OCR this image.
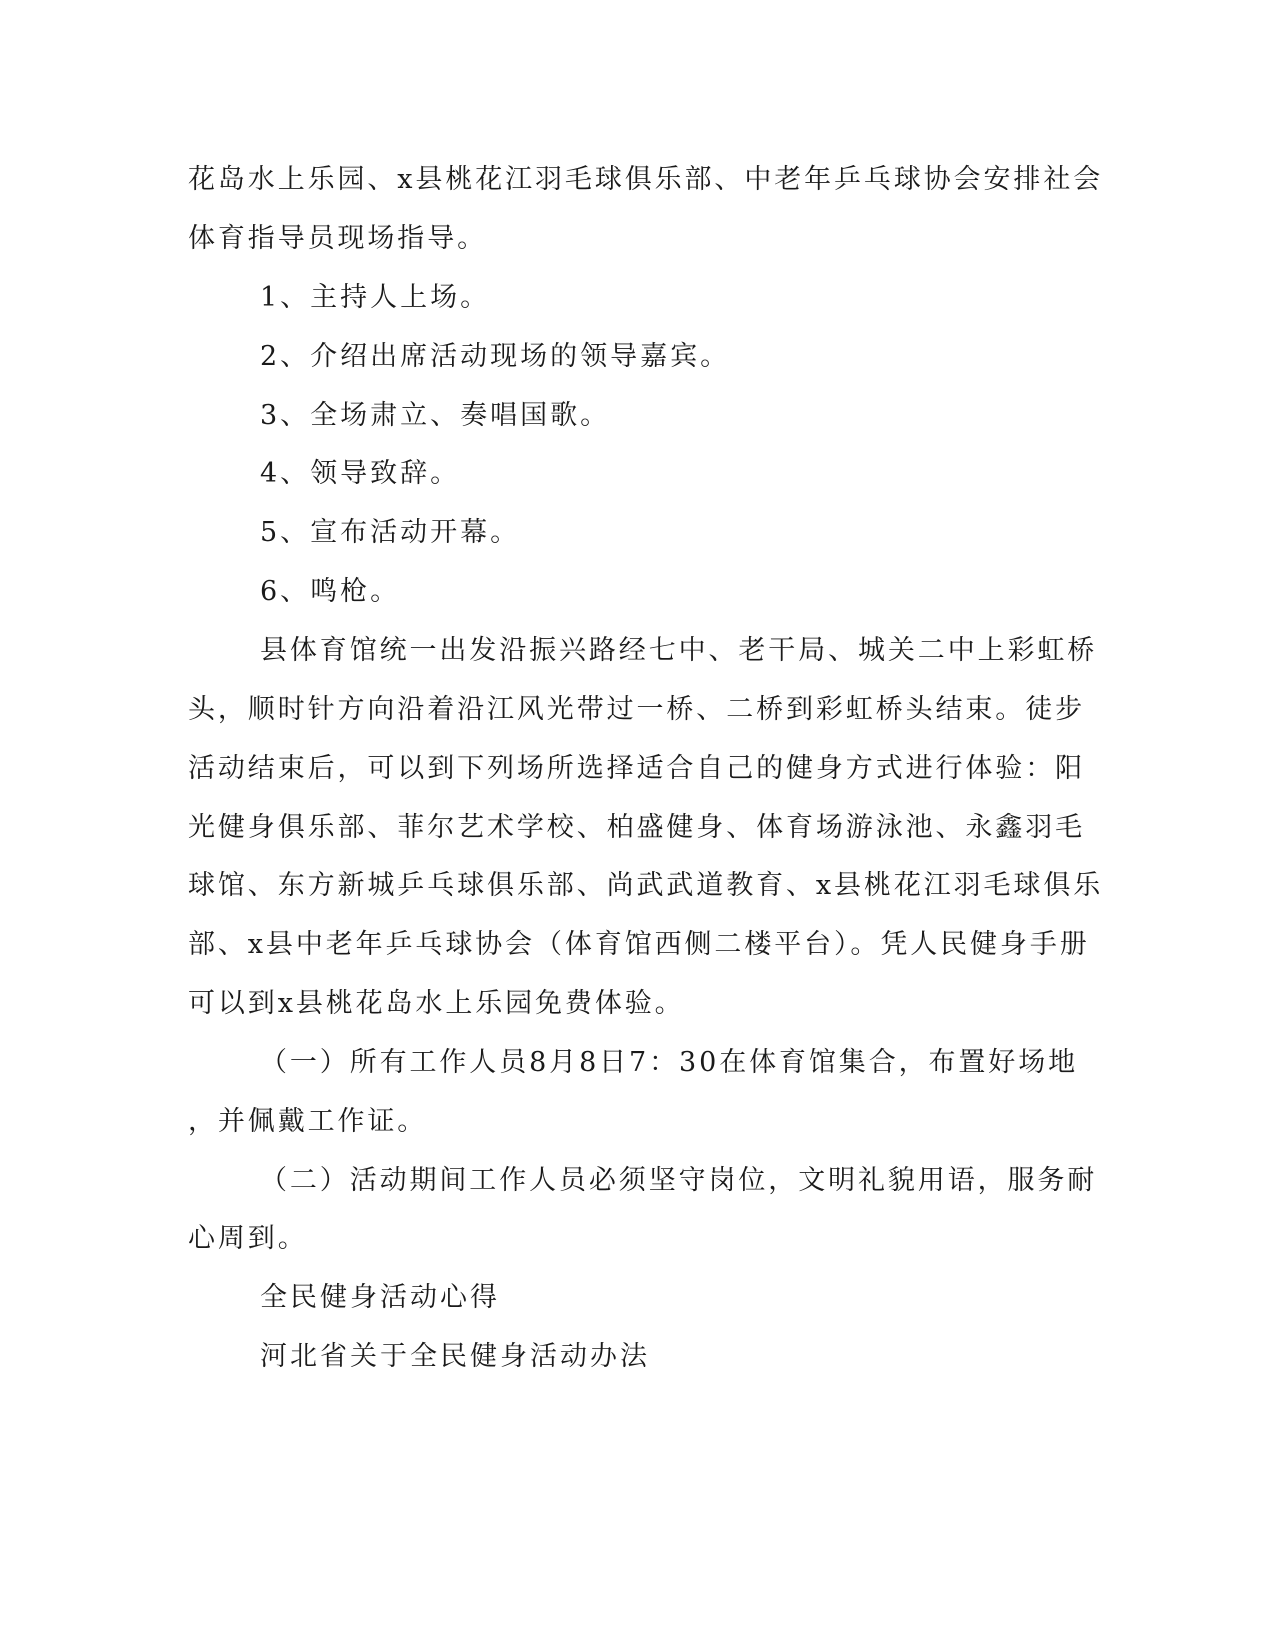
花岛水上乐园、x县桃花江羽毛球俱乐部、中老年乒乓球协会安排社会
体育指导员现场指导。
1、主持人上场。
2、介绍出席活动现场的领导嘉宾。
3、全场肃立、奏唱国歌。
4、领导致辞。
5、宣布活动开幕。
6、鸣枪。
县体育馆统一出发沿振兴路经七中、老干局、城关二中上彩虹桥
头，顺时针方向沿着沿江风光带过一桥、二桥到彩虹桥头结束。徒步
活动结束后，可以到下列场所选择适合自己的健身方式进行体验：阳
光健身俱乐部、菲尔艺术学校、柏盛健身、体育场游泳池、永鑫羽毛
球馆、东方新城乒乓球俱乐部、尚武武道教育、x县桃花江羽毛球俱乐
部、x县中老年乒乓球协会（体育馆西侧二楼平台）。凭人民健身手册
可以到x县桃花岛水上乐园免费体验。
（一）所有工作人员8月8日7：30在体育馆集合，布置好场地
，并佩戴工作证。
（二）活动期间工作人员必须坚守岗位，文明礼貌用语，服务耐
心周到。
全民健身活动心得
河北省关于全民健身活动办法
